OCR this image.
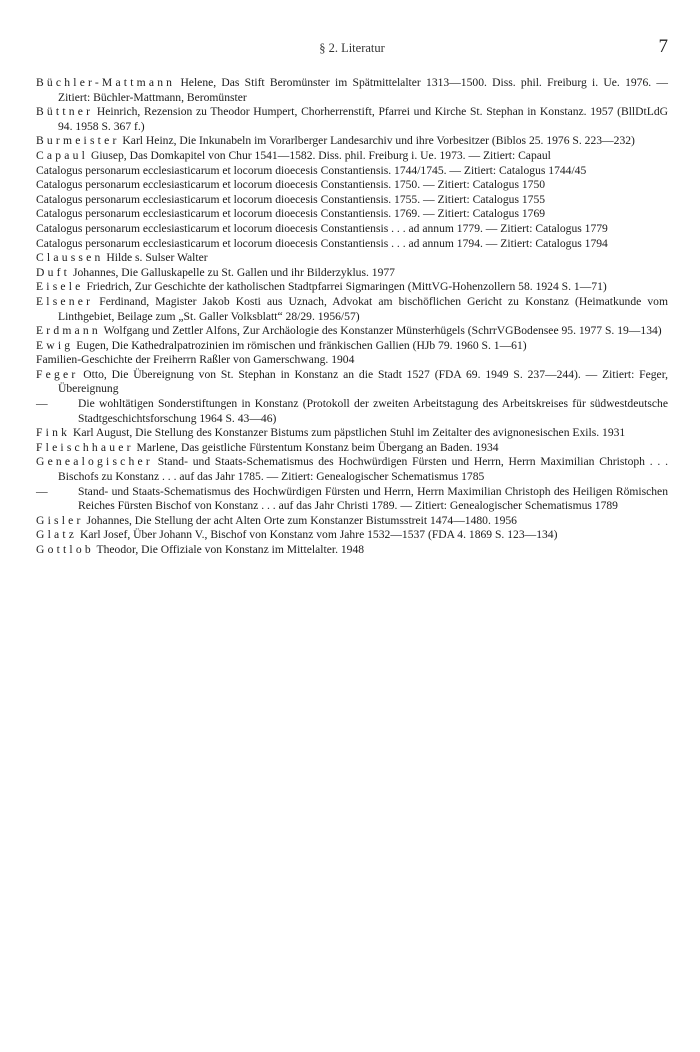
§ 2. Literatur	7

Büchler-Mattmann Helene, Das Stift Beromünster im Spätmittelalter 1313—1500. Diss. phil. Freiburg i. Ue. 1976. — Zitiert: Büchler-Mattmann, Beromünster

Büttner Heinrich, Rezension zu Theodor Humpert, Chorherrenstift, Pfarrei und Kirche St. Stephan in Konstanz. 1957 (BllDtLdG 94. 1958 S. 367 f.)

Burmeister Karl Heinz, Die Inkunabeln im Vorarlberger Landesarchiv und ihre Vorbesitzer (Biblos 25. 1976 S. 223—232)

Capaul Giusep, Das Domkapitel von Chur 1541—1582. Diss. phil. Freiburg i. Ue. 1973. — Zitiert: Capaul

Catalogus personarum ecclesiasticarum et locorum dioecesis Constantiensis. 1744/1745. — Zitiert: Catalogus 1744/45

Catalogus personarum ecclesiasticarum et locorum dioecesis Constantiensis. 1750. — Zitiert: Catalogus 1750

Catalogus personarum ecclesiasticarum et locorum dioecesis Constantiensis. 1755. — Zitiert: Catalogus 1755

Catalogus personarum ecclesiasticarum et locorum dioecesis Constantiensis. 1769. — Zitiert: Catalogus 1769

Catalogus personarum ecclesiasticarum et locorum dioecesis Constantiensis . . . ad annum 1779. — Zitiert: Catalogus 1779

Catalogus personarum ecclesiasticarum et locorum dioecesis Constantiensis . . . ad annum 1794. — Zitiert: Catalogus 1794

Claussen Hilde s. Sulser Walter

Duft Johannes, Die Galluskapelle zu St. Gallen und ihr Bilderzyklus. 1977

Eisele Friedrich, Zur Geschichte der katholischen Stadtpfarrei Sigmaringen (MittVG-Hohenzollern 58. 1924 S. 1—71)

Elsener Ferdinand, Magister Jakob Kosti aus Uznach, Advokat am bischöflichen Gericht zu Konstanz (Heimatkunde vom Linthgebiet, Beilage zum „St. Galler Volksblatt“ 28/29. 1956/57)

Erdmann Wolfgang und Zettler Alfons, Zur Archäologie des Konstanzer Münsterhügels (SchrrVGBodensee 95. 1977 S. 19—134)

Ewig Eugen, Die Kathedralpatrozinien im römischen und fränkischen Gallien (HJb 79. 1960 S. 1—61)

Familien-Geschichte der Freiherrn Raßler von Gamerschwang. 1904

Feger Otto, Die Übereignung von St. Stephan in Konstanz an die Stadt 1527 (FDA 69. 1949 S. 237—244). — Zitiert: Feger, Übereignung

—	Die wohltätigen Sonderstiftungen in Konstanz (Protokoll der zweiten Arbeitstagung des Arbeitskreises für südwestdeutsche Stadtgeschichtsforschung 1964 S. 43—46)

Fink Karl August, Die Stellung des Konstanzer Bistums zum päpstlichen Stuhl im Zeitalter des avignonesischen Exils. 1931

Fleischhauer Marlene, Das geistliche Fürstentum Konstanz beim Übergang an Baden. 1934

Genealogischer Stand- und Staats-Schematismus des Hochwürdigen Fürsten und Herrn, Herrn Maximilian Christoph . . . Bischofs zu Konstanz . . . auf das Jahr 1785. — Zitiert: Genealogischer Schematismus 1785

—	Stand- und Staats-Schematismus des Hochwürdigen Fürsten und Herrn, Herrn Maximilian Christoph des Heiligen Römischen Reiches Fürsten Bischof von Konstanz . . . auf das Jahr Christi 1789. — Zitiert: Genealogischer Schematismus 1789

Gisler Johannes, Die Stellung der acht Alten Orte zum Konstanzer Bistumsstreit 1474—1480. 1956

Glatz Karl Josef, Über Johann V., Bischof von Konstanz vom Jahre 1532—1537 (FDA 4. 1869 S. 123—134)

Gottlob Theodor, Die Offiziale von Konstanz im Mittelalter. 1948
